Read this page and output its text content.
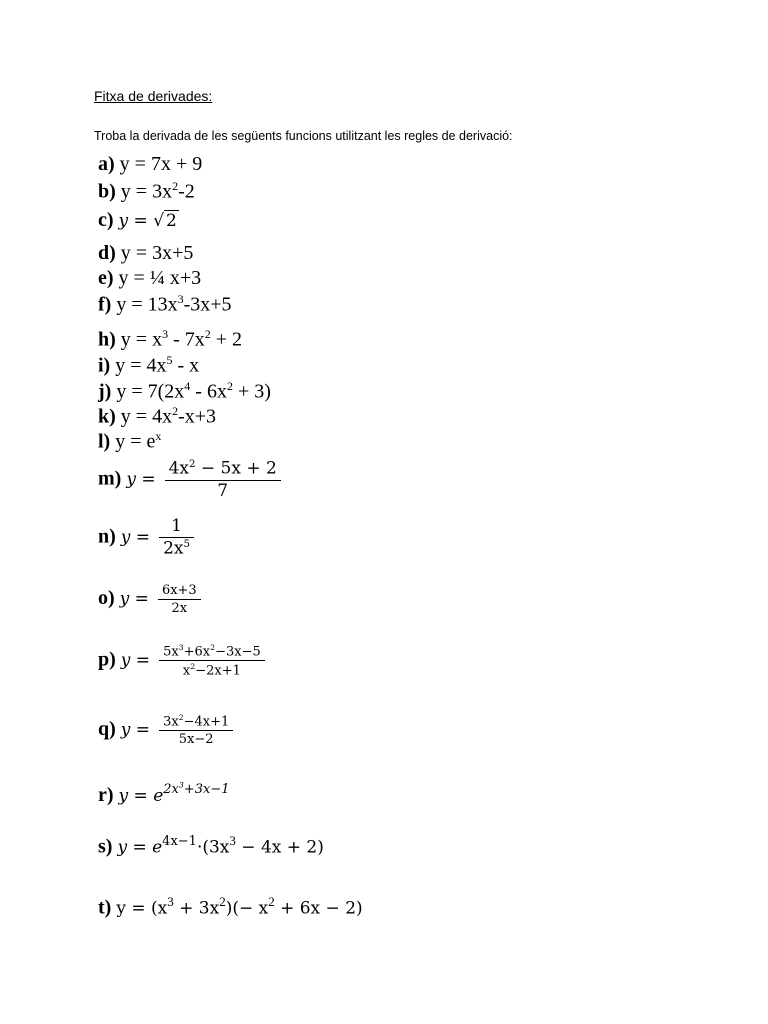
Fitxa de derivades:
Troba la derivada de les següents funcions utilitzant les regles de derivació:
a) y = 7x + 9
b) $y = 3x^2-2$
c) y = √ 2
d) y = 3x+5
e) y = ¼ x+3
f) $y = 13x^3-3x+5$
h) $y = x^3 - 7x^2 + 2$
i) $y = 4x^5 - x$
j) $y = 7(2x^4 - 6x^2 + 3)$
k) $y = 4x^2-x+3$
l) $y = e^x$
m) $y = \frac{4x^2 - 5x + 2}{7}$
n) $y = \frac{1}{2x^5}$
o) $y = \frac{6x+3}{2x}$
p) $y = \frac{5x^3+6x^2-3x-5}{x^2-2x+1}$
q) $y = \frac{3x^2-4x+1}{5x-2}$
r) $y = e^{2x^3+3x-1}$
s) $y = e^{4x-1}\cdot(3x^3 - 4x + 2)$
t) $y = (x^3 + 3x^2)(- x^2 + 6x - 2)$
